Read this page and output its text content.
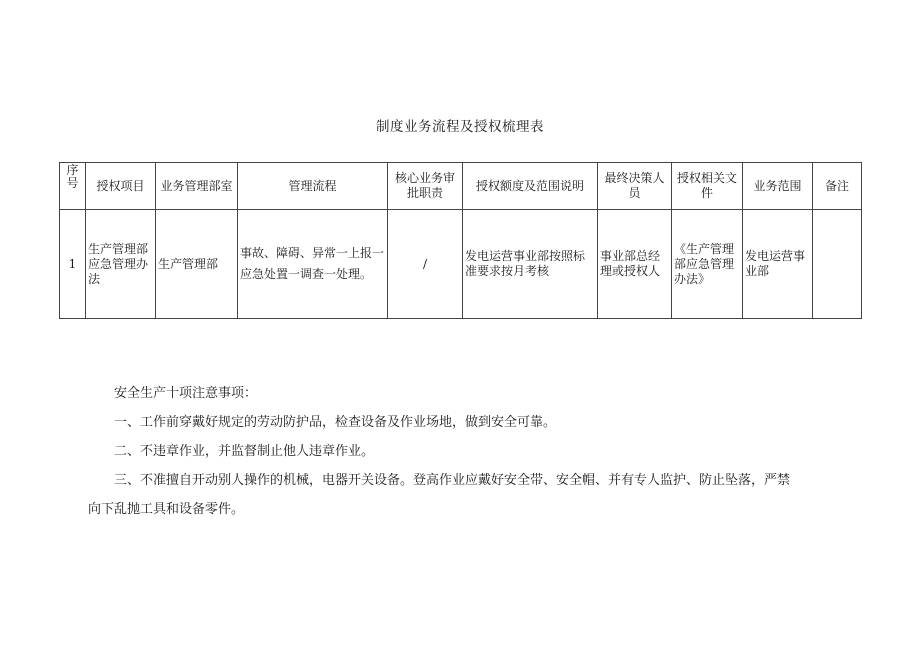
制度业务流程及授权梳理表
序号	授权项目	业务管理部室	管理流程	核心业务审批职责	授权额度及范围说明	最终决策人员	授权相关文件	业务范围	备注
1	生产管理部应急管理办法	生产管理部	事故、障碍、异常一上报一应急处置一调查一处理。	/	发电运营事业部按照标准要求按月考核	事业部总经理或授权人	《生产管理部应急管理办法》	发电运营事业部	

安全生产十项注意事项：

一、工作前穿戴好规定的劳动防护品，检查设备及作业场地，做到安全可靠。

二、不违章作业，并监督制止他人违章作业。

三、不准擅自开动别人操作的机械，电器开关设备。登高作业应戴好安全带、安全帽、并有专人监护、防止坠落，严禁

向下乱抛工具和设备零件。
